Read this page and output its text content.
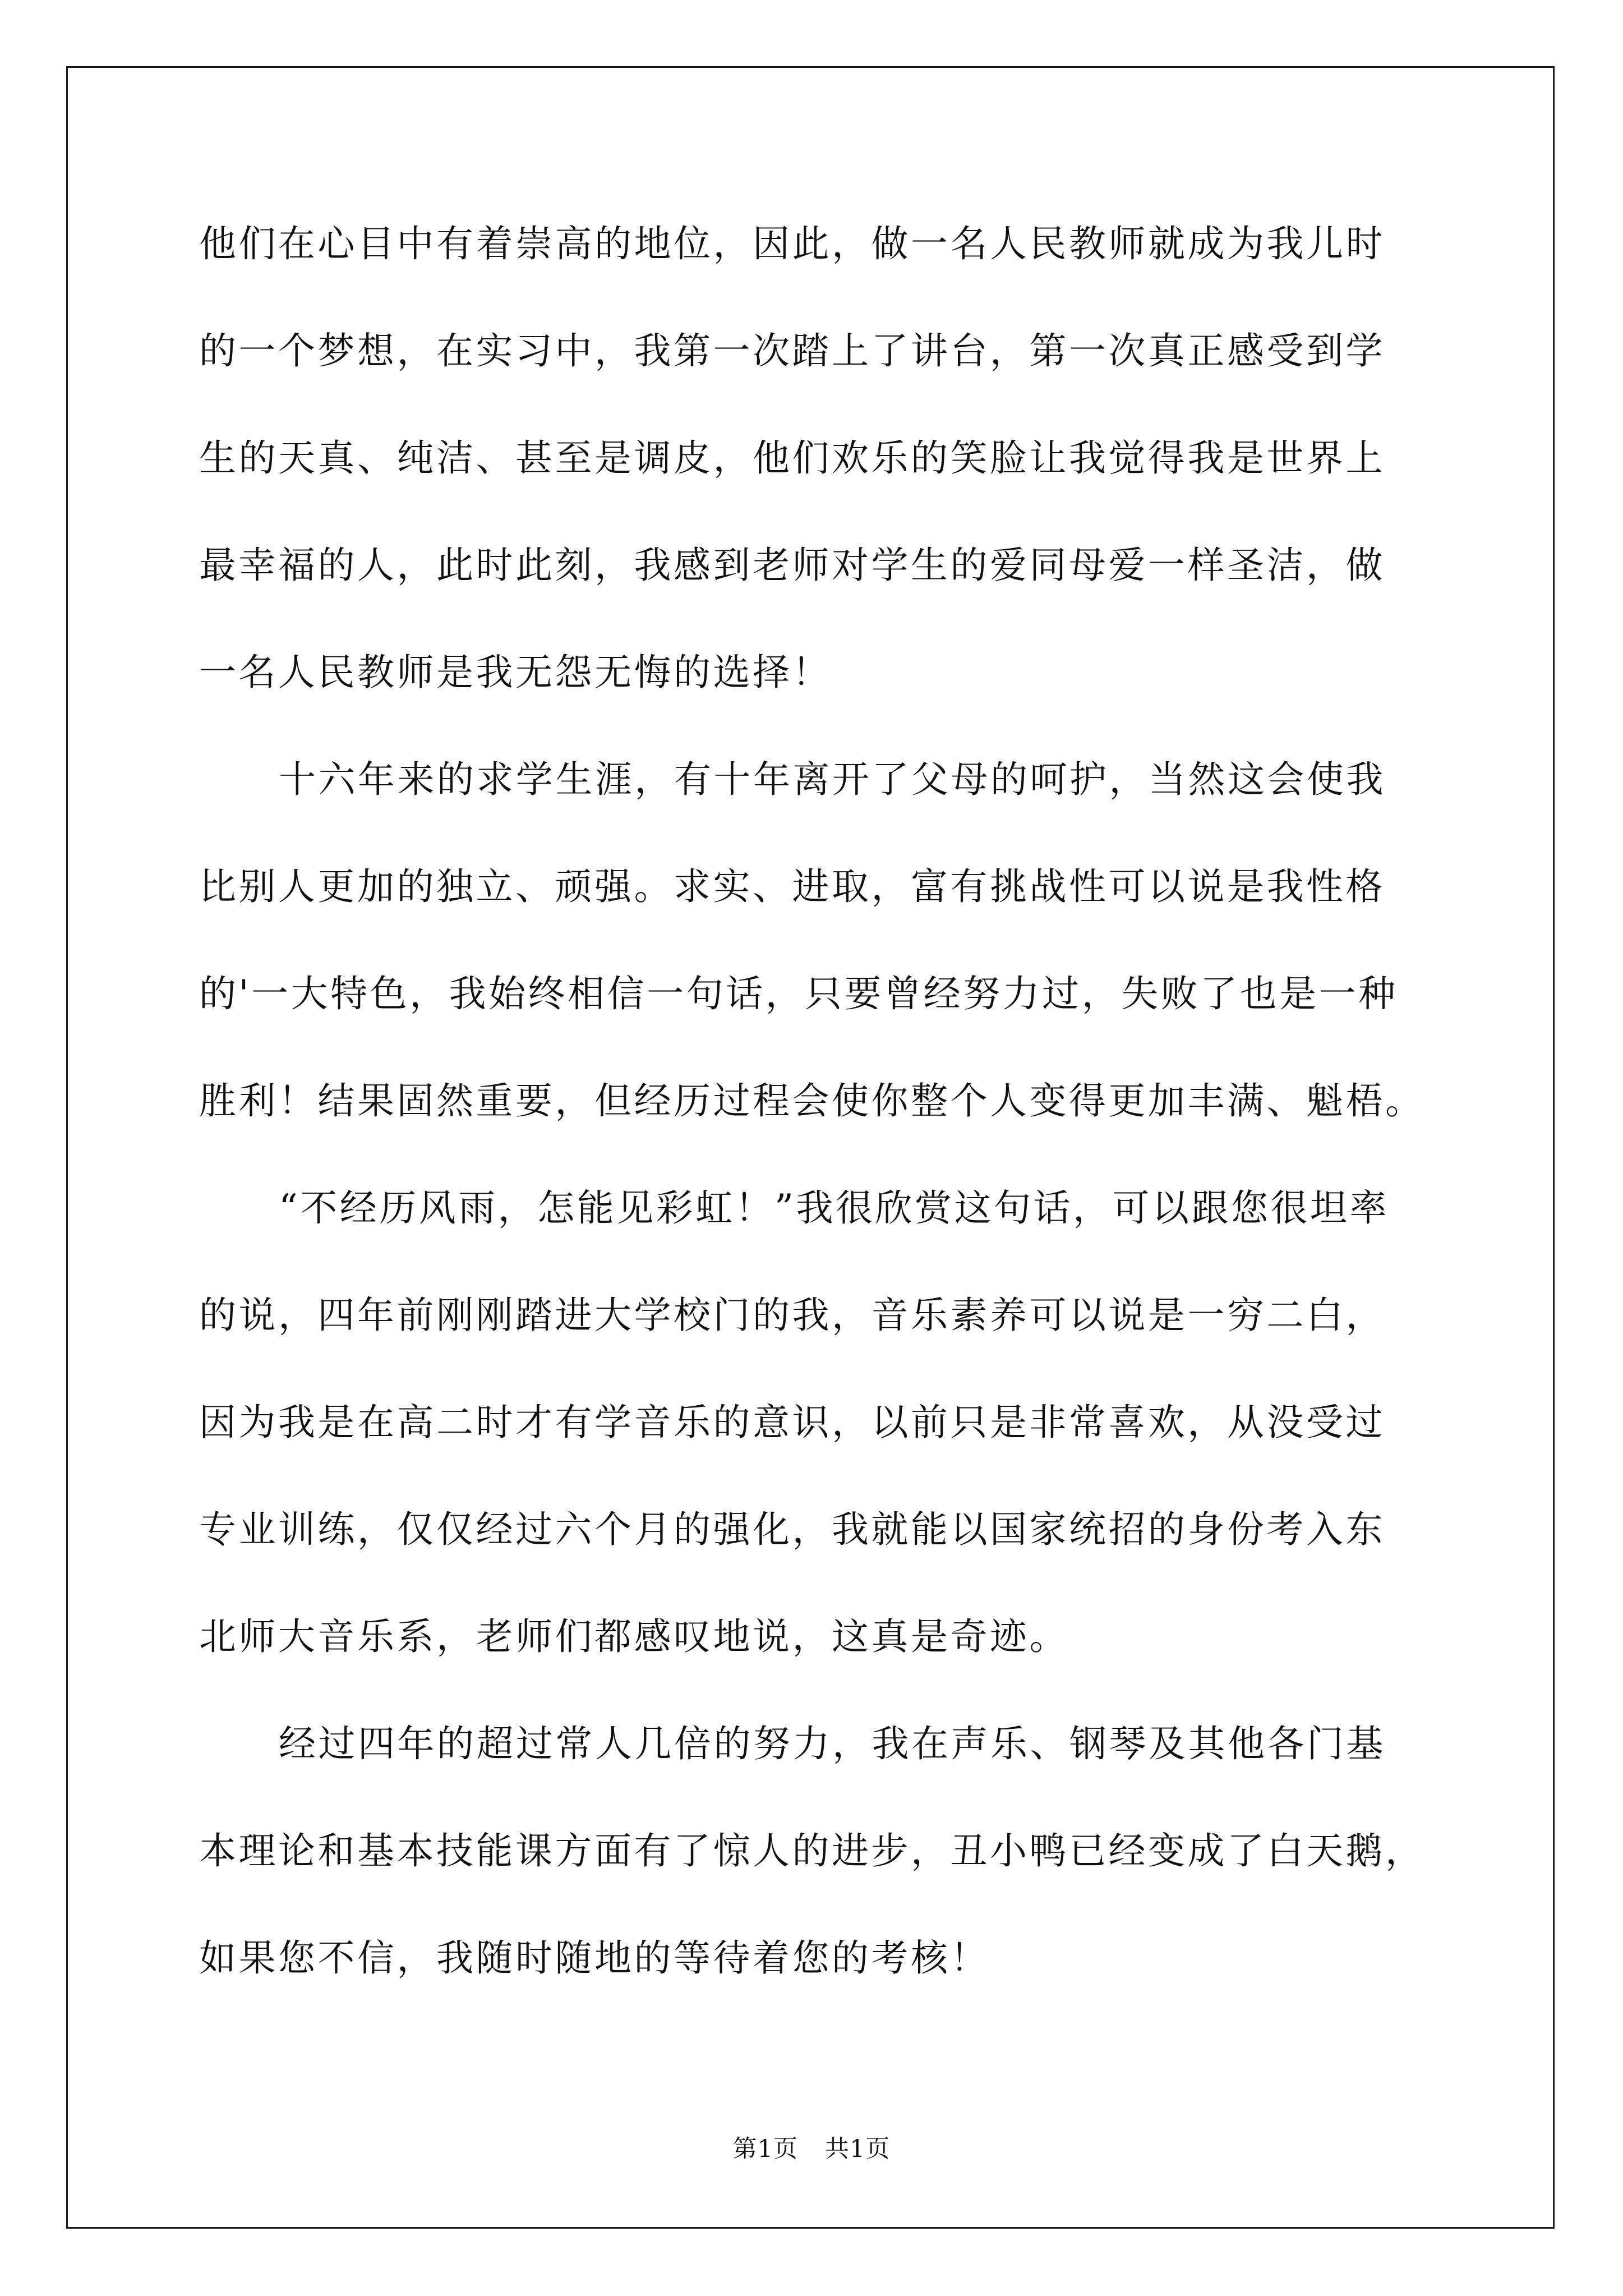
他们在心目中有着崇高的地位，因此，做一名人民教师就成为我儿时
的一个梦想，在实习中，我第一次踏上了讲台，第一次真正感受到学
生的天真、纯洁、甚至是调皮，他们欢乐的笑脸让我觉得我是世界上
最幸福的人，此时此刻，我感到老师对学生的爱同母爱一样圣洁，做
一名人民教师是我无怨无悔的选择！
十六年来的求学生涯，有十年离开了父母的呵护，当然这会使我
比别人更加的独立、顽强。求实、进取，富有挑战性可以说是我性格
的'一大特色，我始终相信一句话，只要曾经努力过，失败了也是一种
胜利！结果固然重要，但经历过程会使你整个人变得更加丰满、魁梧。
“不经历风雨，怎能见彩虹！”我很欣赏这句话，可以跟您很坦率
的说，四年前刚刚踏进大学校门的我，音乐素养可以说是一穷二白，
因为我是在高二时才有学音乐的意识，以前只是非常喜欢，从没受过
专业训练，仅仅经过六个月的强化，我就能以国家统招的身份考入东
北师大音乐系，老师们都感叹地说，这真是奇迹。
经过四年的超过常人几倍的努力，我在声乐、钢琴及其他各门基
本理论和基本技能课方面有了惊人的进步，丑小鸭已经变成了白天鹅，
如果您不信，我随时随地的等待着您的考核！
第1页 共1页
